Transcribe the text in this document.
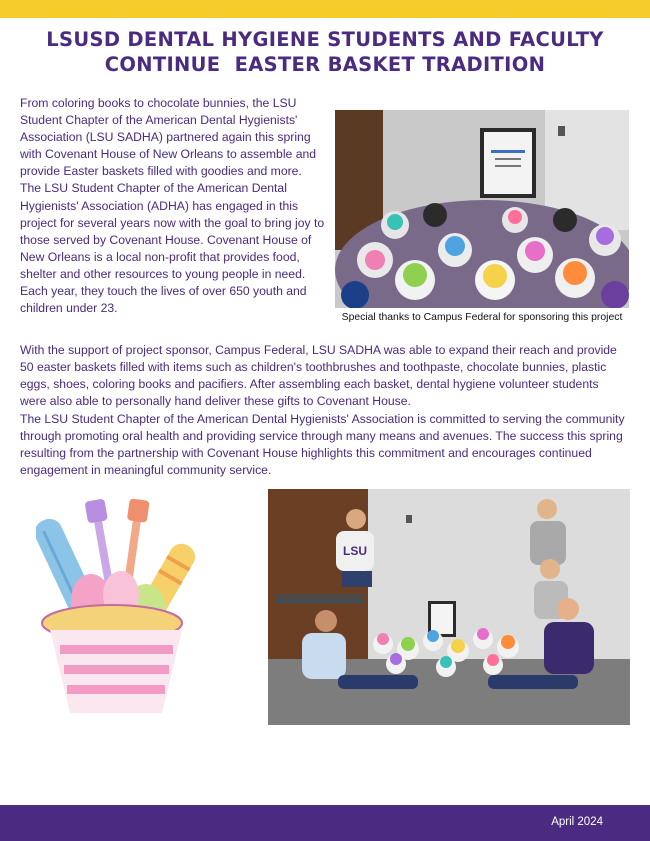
LSUSD DENTAL HYGIENE STUDENTS AND FACULTY
CONTINUE  EASTER BASKET TRADITION

From coloring books to chocolate bunnies, the LSU Student Chapter of the American Dental Hygienists' Association (LSU SADHA) partnered again this spring with Covenant House of New Orleans to assemble and provide Easter baskets filled with goodies and more. The LSU Student Chapter of the American Dental Hygienists' Association (ADHA) has engaged in this project for several years now with the goal to bring joy to those served by Covenant House. Covenant House of New Orleans is a local non-profit that provides food, shelter and other resources to young people in need. Each year, they touch the lives of over 650 youth and children under 23.

Special thanks to Campus Federal for sponsoring this project

With the support of project sponsor, Campus Federal, LSU SADHA was able to expand their reach and provide 50 easter baskets filled with items such as children's toothbrushes and toothpaste, chocolate bunnies, plastic eggs, shoes, coloring books and pacifiers. After assembling each basket, dental hygiene volunteer students were also able to personally hand deliver these gifts to Covenant House.

The LSU Student Chapter of the American Dental Hygienists' Association is committed to serving the community through promoting oral health and providing service through many means and avenues. The success this spring resulting from the partnership with Covenant House highlights this commitment and encourages continued engagement in meaningful community service.

LSU
April 2024
